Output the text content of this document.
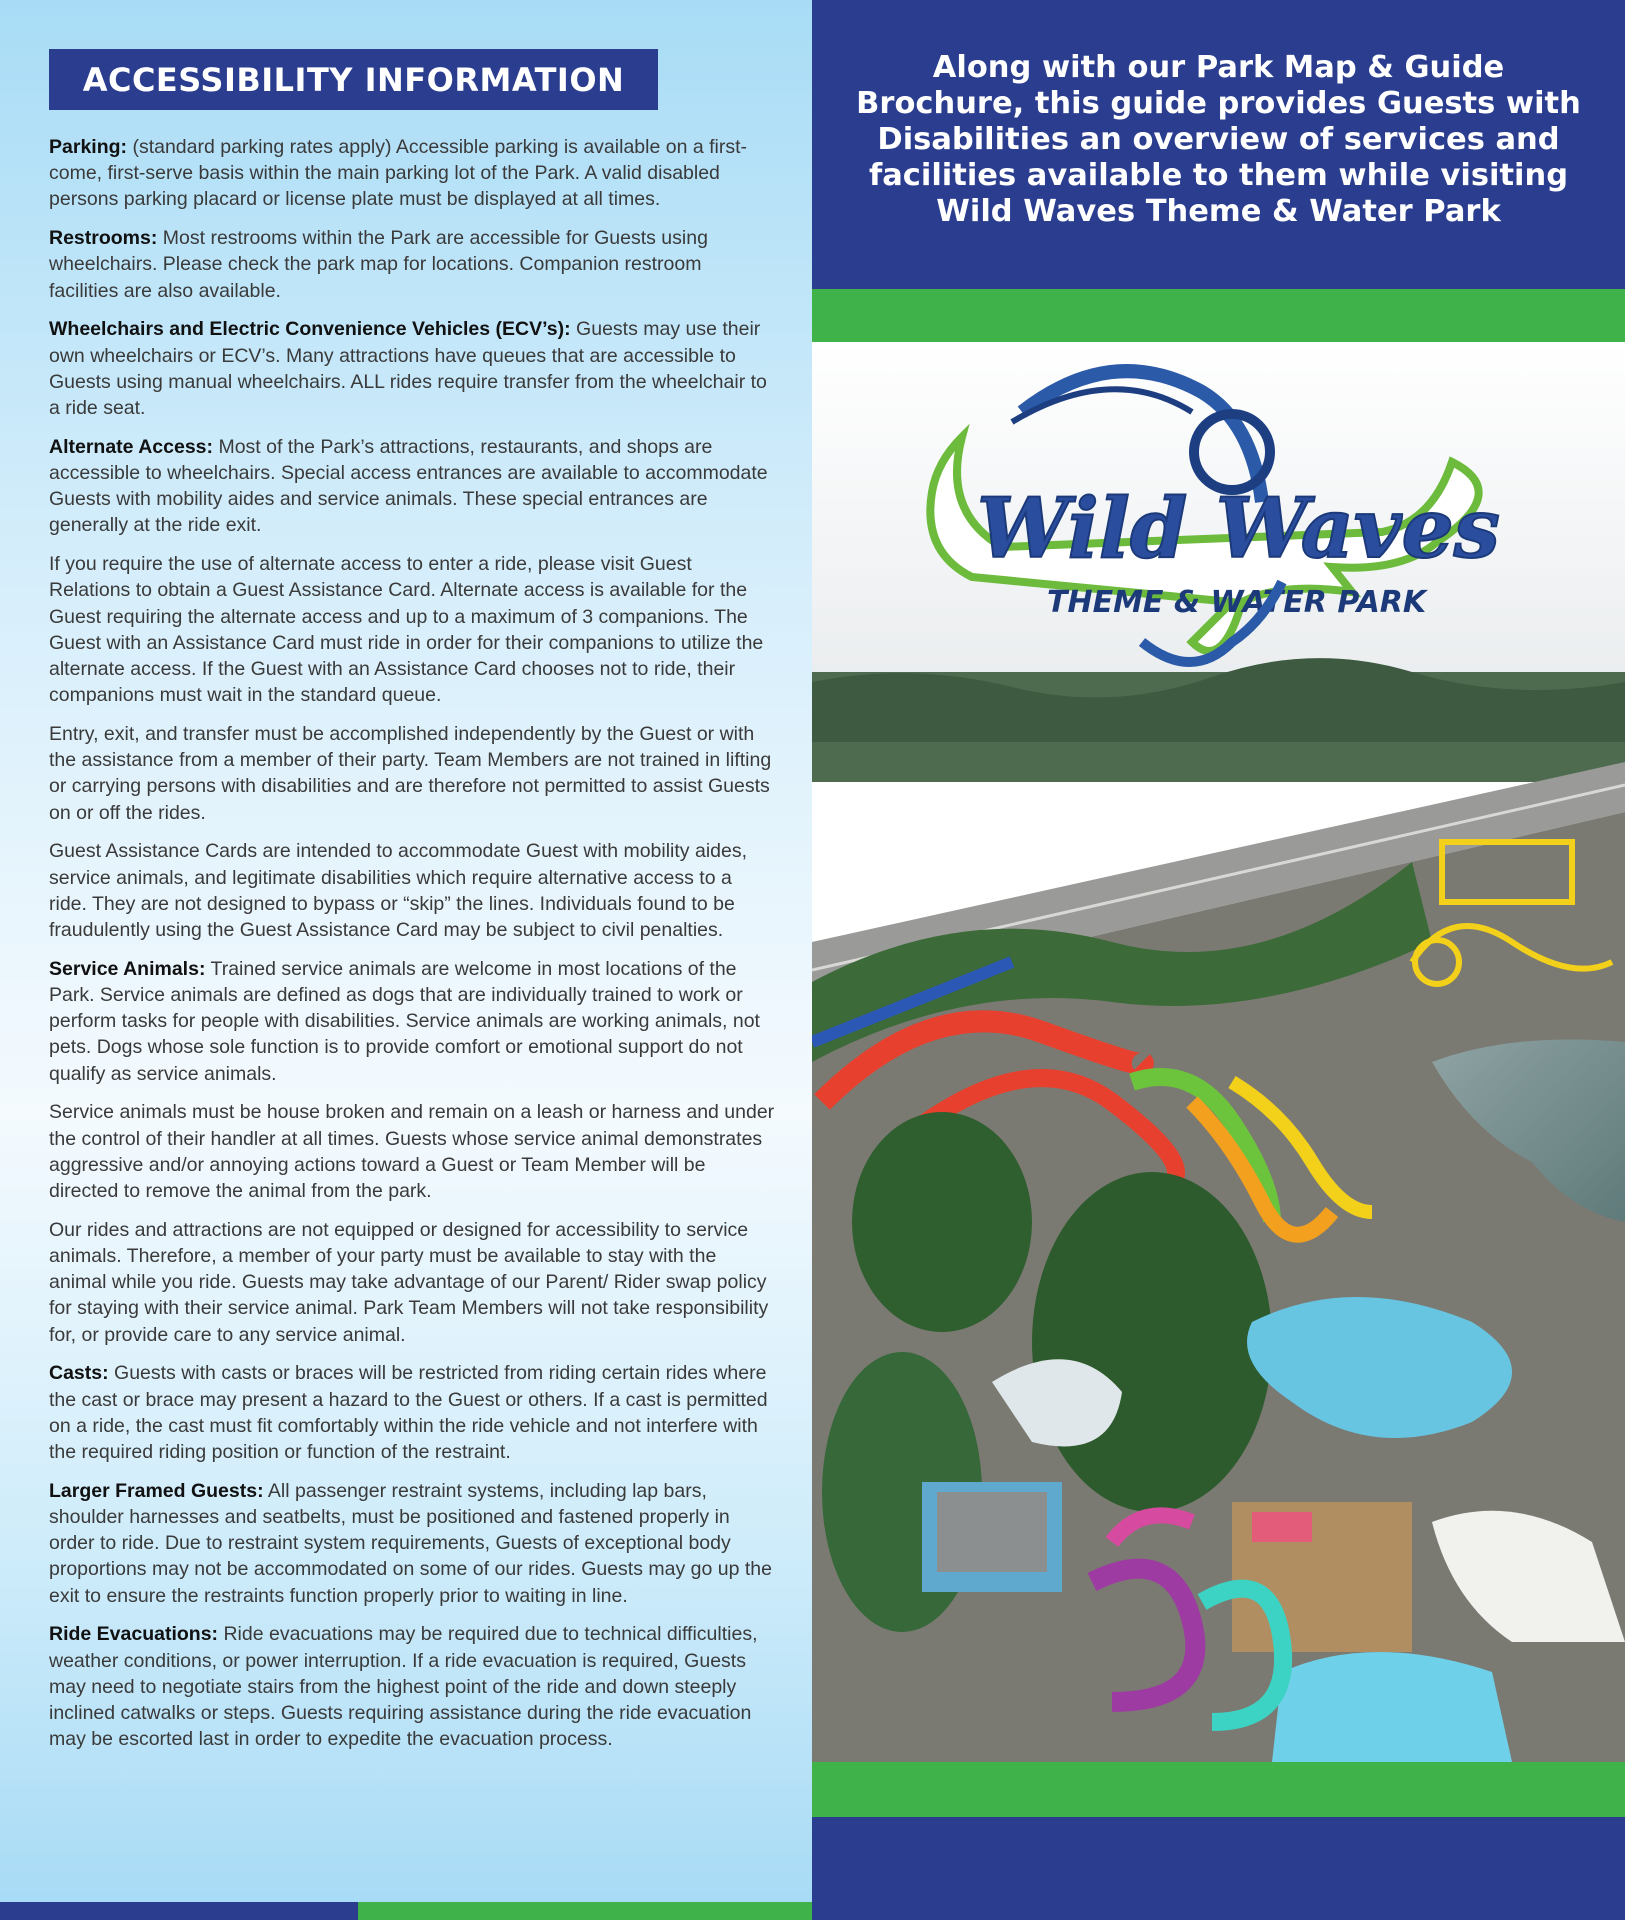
ACCESSIBILITY INFORMATION

Parking: (standard parking rates apply) Accessible parking is available on a first-come, first-serve basis within the main parking lot of the Park. A valid disabled persons parking placard or license plate must be displayed at all times.

Restrooms: Most restrooms within the Park are accessible for Guests using wheelchairs. Please check the park map for locations. Companion restroom facilities are also available.

Wheelchairs and Electric Convenience Vehicles (ECV’s): Guests may use their own wheelchairs or ECV’s. Many attractions have queues that are accessible to Guests using manual wheelchairs. ALL rides require transfer from the wheelchair to a ride seat.

Alternate Access: Most of the Park’s attractions, restaurants, and shops are accessible to wheelchairs. Special access entrances are available to accommodate Guests with mobility aides and service animals. These special entrances are generally at the ride exit.

If you require the use of alternate access to enter a ride, please visit Guest Relations to obtain a Guest Assistance Card. Alternate access is available for the Guest requiring the alternate access and up to a maximum of 3 companions. The Guest with an Assistance Card must ride in order for their companions to utilize the alternate access. If the Guest with an Assistance Card chooses not to ride, their companions must wait in the standard queue.

Entry, exit, and transfer must be accomplished independently by the Guest or with the assistance from a member of their party. Team Members are not trained in lifting or carrying persons with disabilities and are therefore not permitted to assist Guests on or off the rides.

Guest Assistance Cards are intended to accommodate Guest with mobility aides, service animals, and legitimate disabilities which require alternative access to a ride. They are not designed to bypass or “skip” the lines. Individuals found to be fraudulently using the Guest Assistance Card may be subject to civil penalties.

Service Animals: Trained service animals are welcome in most locations of the Park. Service animals are defined as dogs that are individually trained to work or perform tasks for people with disabilities. Service animals are working animals, not pets. Dogs whose sole function is to provide comfort or emotional support do not qualify as service animals.

Service animals must be house broken and remain on a leash or harness and under the control of their handler at all times. Guests whose service animal demonstrates aggressive and/or annoying actions toward a Guest or Team Member will be directed to remove the animal from the park.

Our rides and attractions are not equipped or designed for accessibility to service animals. Therefore, a member of your party must be available to stay with the animal while you ride. Guests may take advantage of our Parent/ Rider swap policy for staying with their service animal. Park Team Members will not take responsibility for, or provide care to any service animal.

Casts: Guests with casts or braces will be restricted from riding certain rides where the cast or brace may present a hazard to the Guest or others. If a cast is permitted on a ride, the cast must fit comfortably within the ride vehicle and not interfere with the required riding position or function of the restraint.

Larger Framed Guests: All passenger restraint systems, including lap bars, shoulder harnesses and seatbelts, must be positioned and fastened properly in order to ride. Due to restraint system requirements, Guests of exceptional body proportions may not be accommodated on some of our rides. Guests may go up the exit to ensure the restraints function properly prior to waiting in line.

Ride Evacuations: Ride evacuations may be required due to technical difficulties, weather conditions, or power interruption. If a ride evacuation is required, Guests may need to negotiate stairs from the highest point of the ride and down steeply inclined catwalks or steps. Guests requiring assistance during the ride evacuation may be escorted last in order to expedite the evacuation process.

Along with our Park Map & Guide Brochure, this guide provides Guests with Disabilities an overview of services and facilities available to them while visiting Wild Waves Theme & Water Park
Wild Waves
THEME & WATER PARK
